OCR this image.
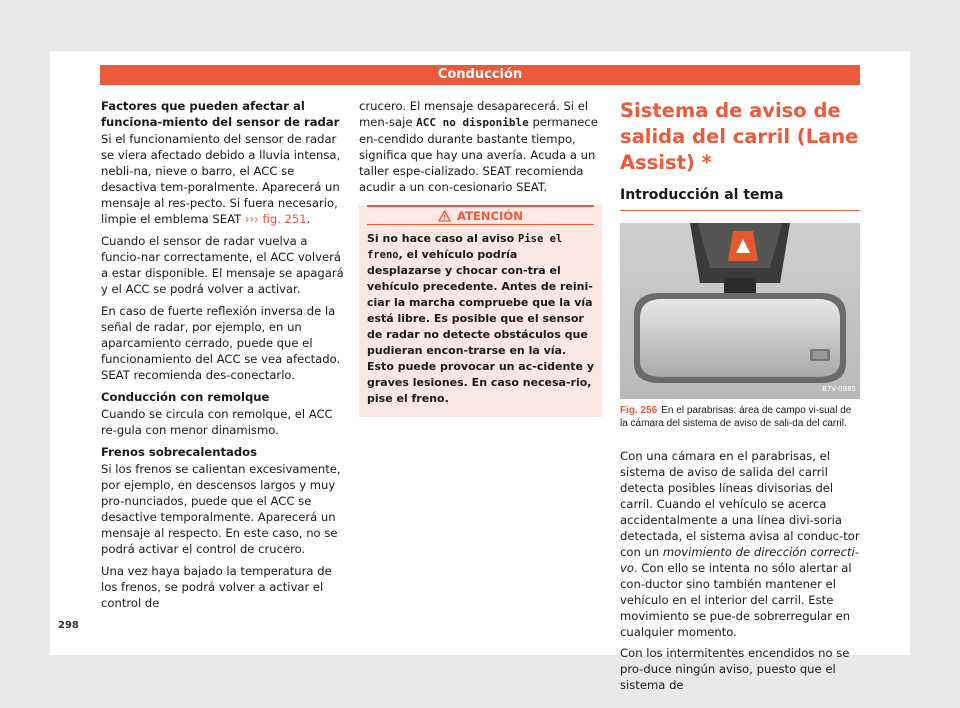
Conducción
Factores que pueden afectar al funciona-miento del sensor de radar

Si el funcionamiento del sensor de radar se viera afectado debido a lluvia intensa, nebli-na, nieve o barro, el ACC se desactiva tem-poralmente. Aparecerá un mensaje al res-pecto. Si fuera necesario, limpie el emblema SEAT ››› fig. 251.

Cuando el sensor de radar vuelva a funcio-nar correctamente, el ACC volverá a estar disponible. El mensaje se apagará y el ACC se podrá volver a activar.

En caso de fuerte reflexión inversa de la señal de radar, por ejemplo, en un aparcamiento cerrado, puede que el funcionamiento del ACC se vea afectado. SEAT recomienda des-conectarlo.

Conducción con remolque

Cuando se circula con remolque, el ACC re-gula con menor dinamismo.

Frenos sobrecalentados

Si los frenos se calientan excesivamente, por ejemplo, en descensos largos y muy pro-nunciados, puede que el ACC se desactive temporalmente. Aparecerá un mensaje al respecto. En este caso, no se podrá activar el control de crucero.

Una vez haya bajado la temperatura de los frenos, se podrá volver a activar el control de

crucero. El mensaje desaparecerá. Si el men-saje ACC no disponible permanece en-cendido durante bastante tiempo, significa que hay una avería. Acuda a un taller espe-cializado. SEAT recomienda acudir a un con-cesionario SEAT.

ATENCIÓN
Si no hace caso al aviso Pise el freno, el vehículo podría desplazarse y chocar con-tra el vehículo precedente. Antes de reini-ciar la marcha compruebe que la vía está libre. Es posible que el sensor de radar no detecte obstáculos que pudieran encon-trarse en la vía. Esto puede provocar un ac-cidente y graves lesiones. En caso necesa-rio, pise el freno.
Sistema de aviso de salida del carril (Lane Assist) *
Introducción al tema
B7V-0985
Fig. 256 En el parabrisas: área de campo vi-sual de la cámara del sistema de aviso de sali-da del carril.

Con una cámara en el parabrisas, el sistema de aviso de salida del carril detecta posibles líneas divisorias del carril. Cuando el vehículo se acerca accidentalmente a una línea divi-soria detectada, el sistema avisa al conduc-tor con un movimiento de dirección correcti-vo. Con ello se intenta no sólo alertar al con-ductor sino también mantener el vehículo en el interior del carril. Este movimiento se pue-de sobrerregular en cualquier momento.

Con los intermitentes encendidos no se pro-duce ningún aviso, puesto que el sistema de

298
